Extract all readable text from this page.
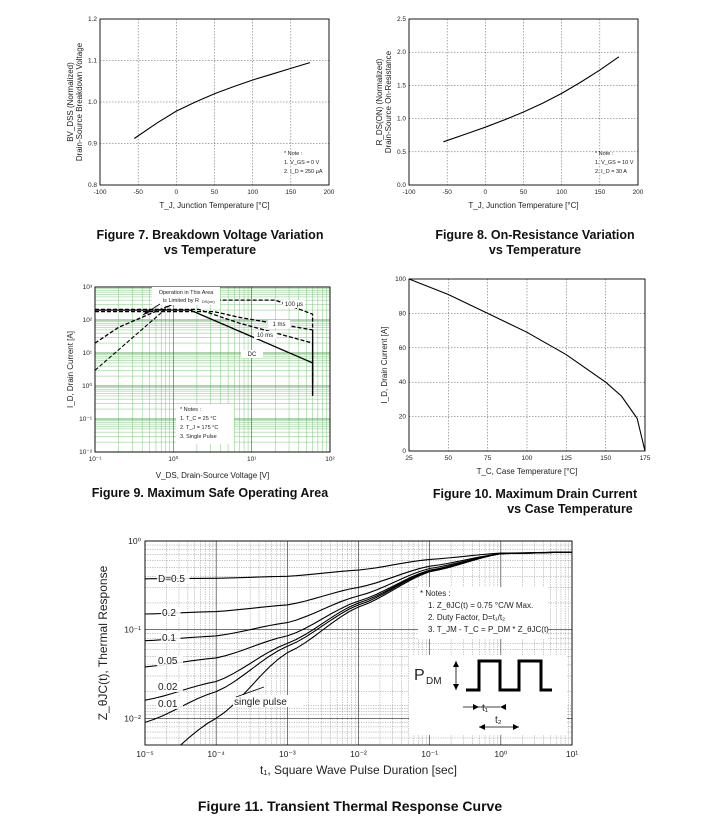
-100	-50	0	50	100	150	200
0.8
0.9
1.0
1.1
1.2
T_J, Junction Temperature [°C]
BV_DSS (Normalized) Drain-Source Breakdown Voltage	* Note :
1. V_GS = 0 V
2. I_D = 250 μA
-100	-50	0	50	100	150	200
0.0
0.5
1.0
1.5
2.0
2.5
T_J, Junction Temperature [°C]
R_DS(ON) (Normalized) Drain-Source On-Resistance
* Note :
1. V_GS = 10 V
2. I_D = 30 A
25	50	75	100	125	150	175
0
20
40
60
80
100
T_C, Case Temperature [°C]
I_D, Drain Current [A]
10⁻¹	10⁰	10¹	10²
10⁻²
10⁻¹
10⁰
10¹
10²
10³
Operation in This Area
is Limited by R DS(on)
100 µs
1 ms
10 ms
DC
* Notes :
1. T_C = 25 °C
2. T_J = 175 °C
3. Single Pulse
V_DS, Drain-Source Voltage [V]
I_D, Drain Current [A]
10⁻⁵	10⁻⁴	10⁻³	10⁻²	10⁻¹	10⁰	10¹
10⁻²
10⁻¹
10⁰
D=0.5
0.2
0.1
0.05
0.02
0.01	single pulse
* Notes :
1. Z_θJC(t) = 0.75 °C/W Max.
2. Duty Factor, D=t₁/t₂
3. T_JM - T_C = P_DM * Z_θJC(t)
P DM
t₁
t₂
t₁, Square Wave Pulse Duration [sec]
Z_θJC(t), Thermal Response
Figure 7. Breakdown Voltage Variation
vs Temperature
Figure 8. On-Resistance Variation
vs Temperature
Figure 9. Maximum Safe Operating Area	Figure 10. Maximum Drain Current
vs Case Temperature
Figure 11. Transient Thermal Response Curve
